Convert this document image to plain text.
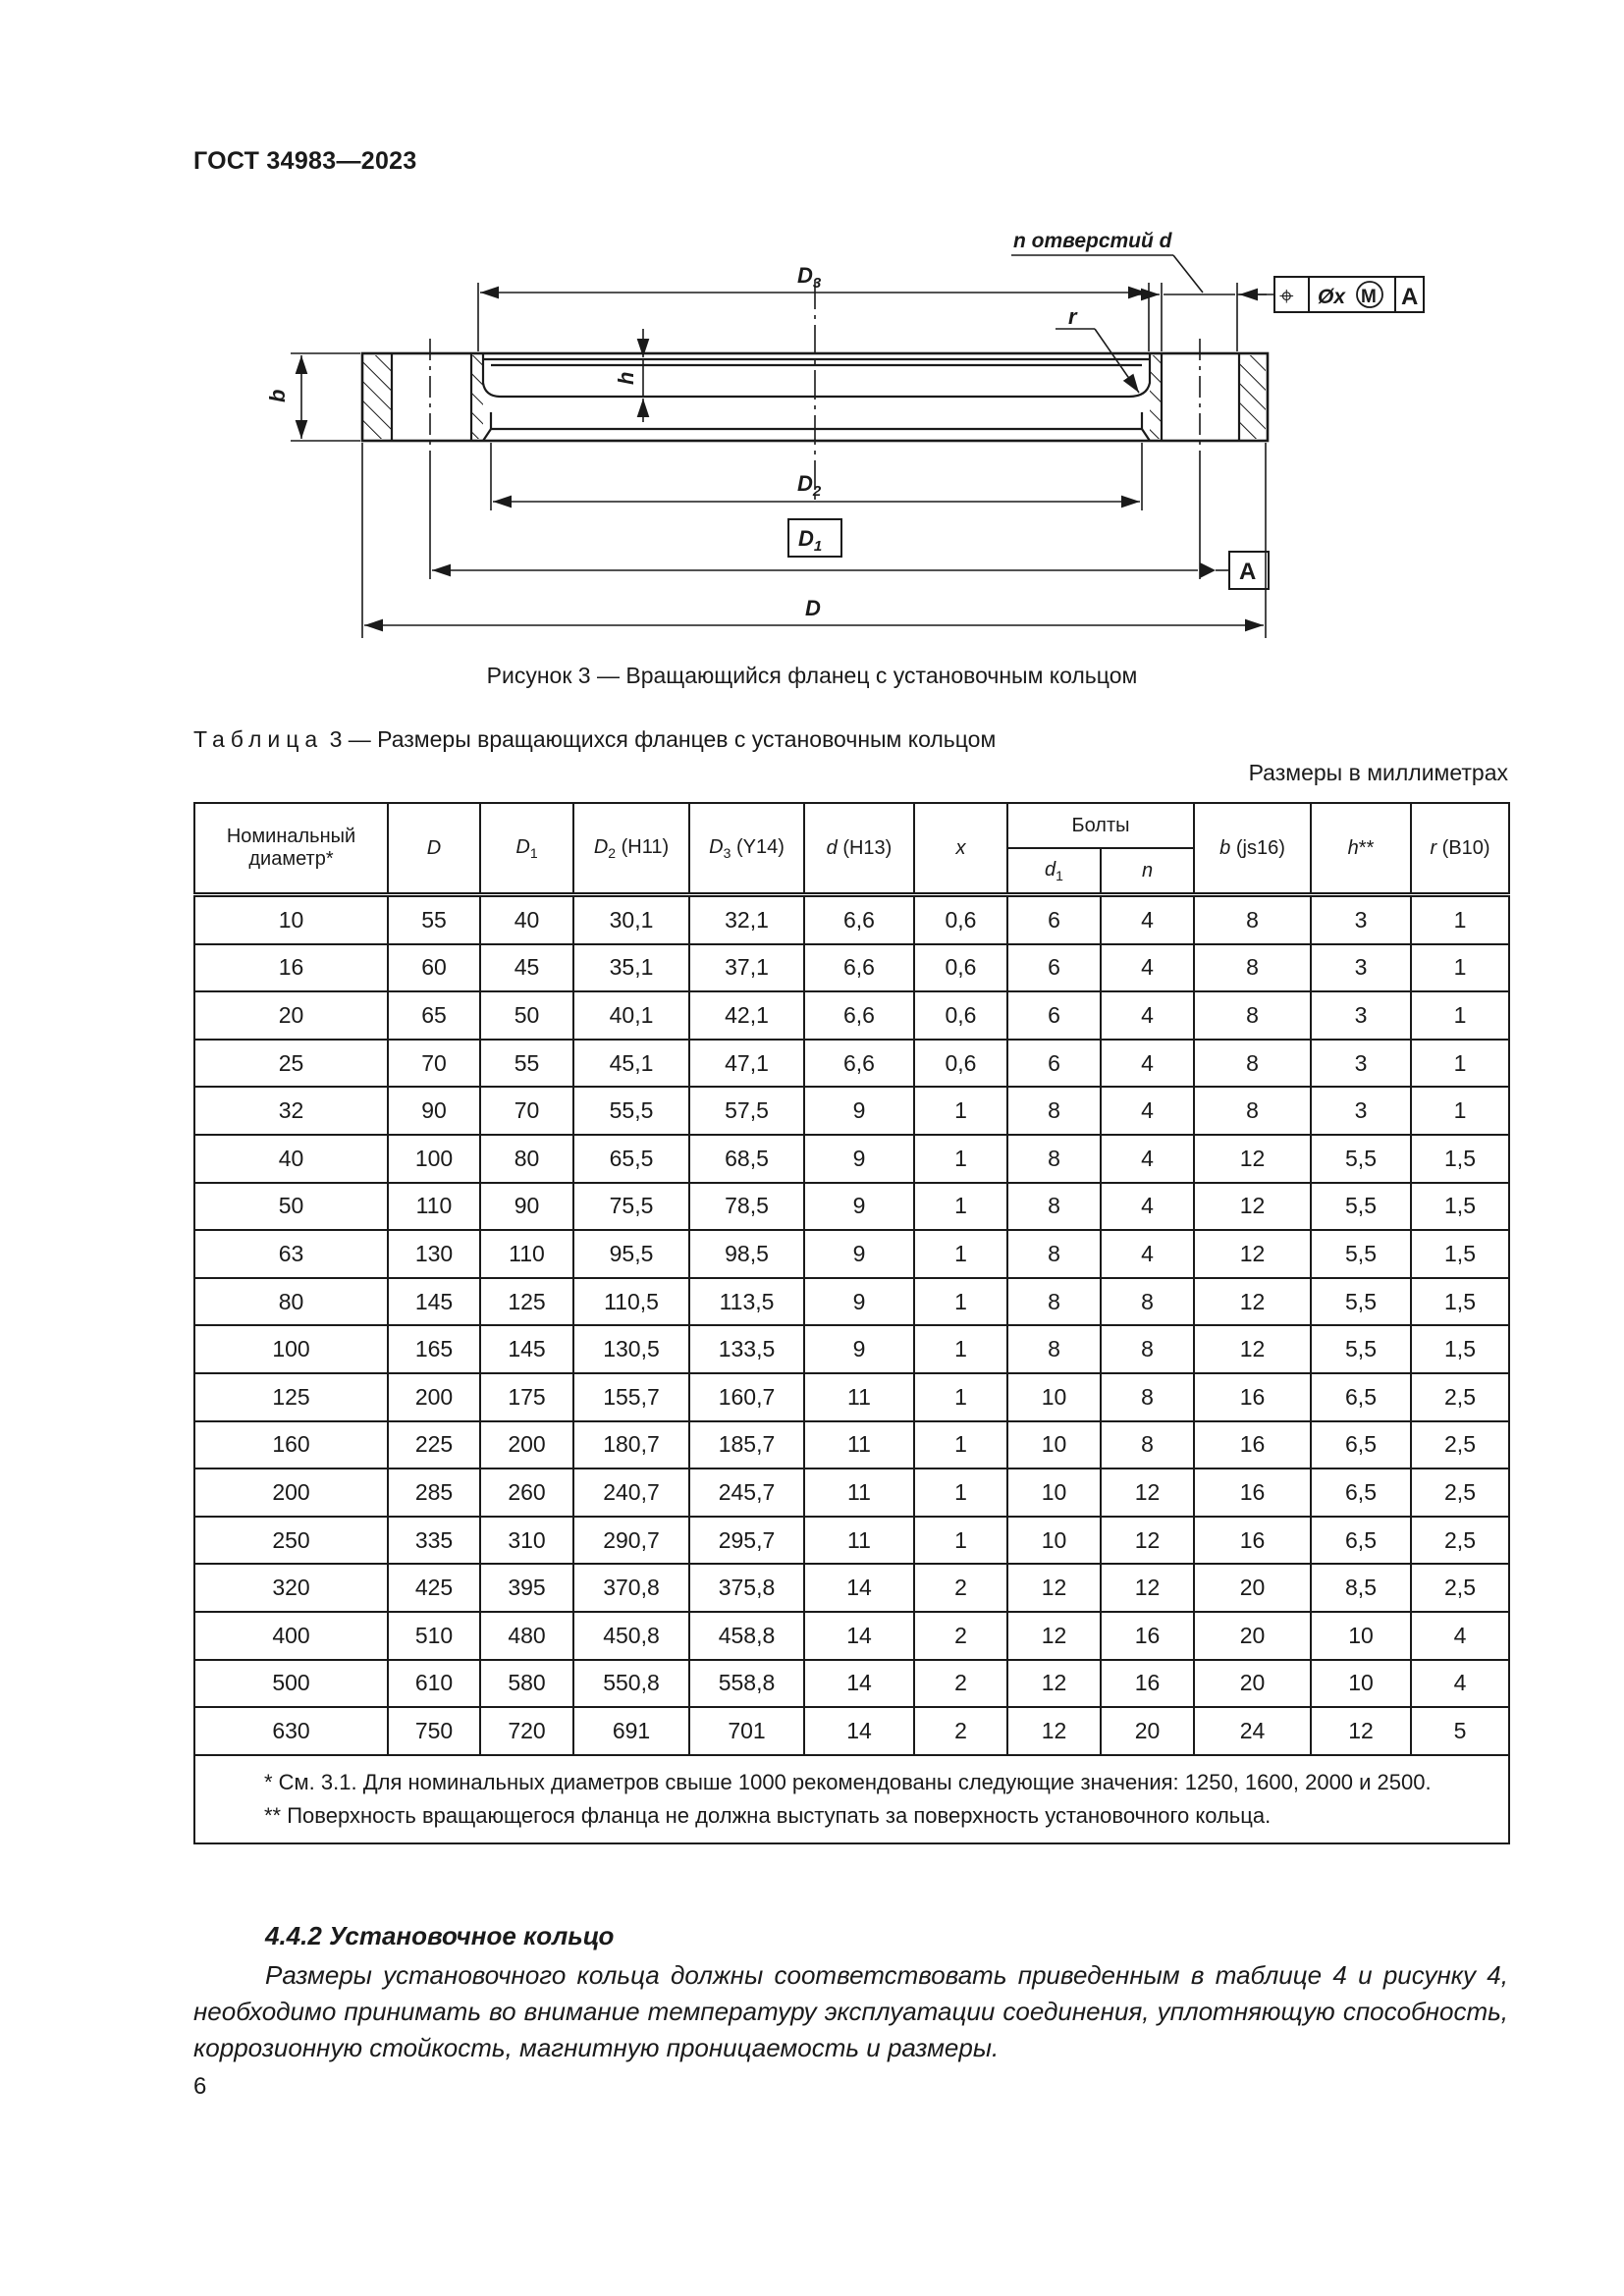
ГОСТ 34983—2023
n отверстий d
$D_3$
r
h
b
$D_2$
$D_1$
A
D
⌖ Øx M A
Рисунок 3 — Вращающийся фланец с установочным кольцом
Таблица 3 — Размеры вращающихся фланцев с установочным кольцом
Размеры в миллиметрах
Номинальный диаметр*	D	$D_1$	$D_2$ (H11)	$D_3$ (Y14)	d (H13)	x	Болты		b (js16)	h**	r (B10)
							$d_1$	n			
10	55	40	30,1	32,1	6,6	0,6	6	4	8	3	1
16	60	45	35,1	37,1	6,6	0,6	6	4	8	3	1
20	65	50	40,1	42,1	6,6	0,6	6	4	8	3	1
25	70	55	45,1	47,1	6,6	0,6	6	4	8	3	1
32	90	70	55,5	57,5	9	1	8	4	8	3	1
40	100	80	65,5	68,5	9	1	8	4	12	5,5	1,5
50	110	90	75,5	78,5	9	1	8	4	12	5,5	1,5
63	130	110	95,5	98,5	9	1	8	4	12	5,5	1,5
80	145	125	110,5	113,5	9	1	8	8	12	5,5	1,5
100	165	145	130,5	133,5	9	1	8	8	12	5,5	1,5
125	200	175	155,7	160,7	11	1	10	8	16	6,5	2,5
160	225	200	180,7	185,7	11	1	10	8	16	6,5	2,5
200	285	260	240,7	245,7	11	1	10	12	16	6,5	2,5
250	335	310	290,7	295,7	11	1	10	12	16	6,5	2,5
320	425	395	370,8	375,8	14	2	12	12	20	8,5	2,5
400	510	480	450,8	458,8	14	2	12	16	20	10	4
500	610	580	550,8	558,8	14	2	12	16	20	10	4
630	750	720	691	701	14	2	12	20	24	12	5

* См. 3.1. Для номинальных диаметров свыше 1000 рекомендованы следующие значения: 1250, 1600, 2000 и 2500.
** Поверхность вращающегося фланца не должна выступать за поверхность установочного кольца.											
4.4.2 Установочное кольцо
Размеры установочного кольца должны соответствовать приведенным в таблице 4 и рисунку 4, необходимо принимать во внимание температуру эксплуатации соединения, уплотняющую способность, коррозионную стойкость, магнитную проницаемость и размеры.
6
